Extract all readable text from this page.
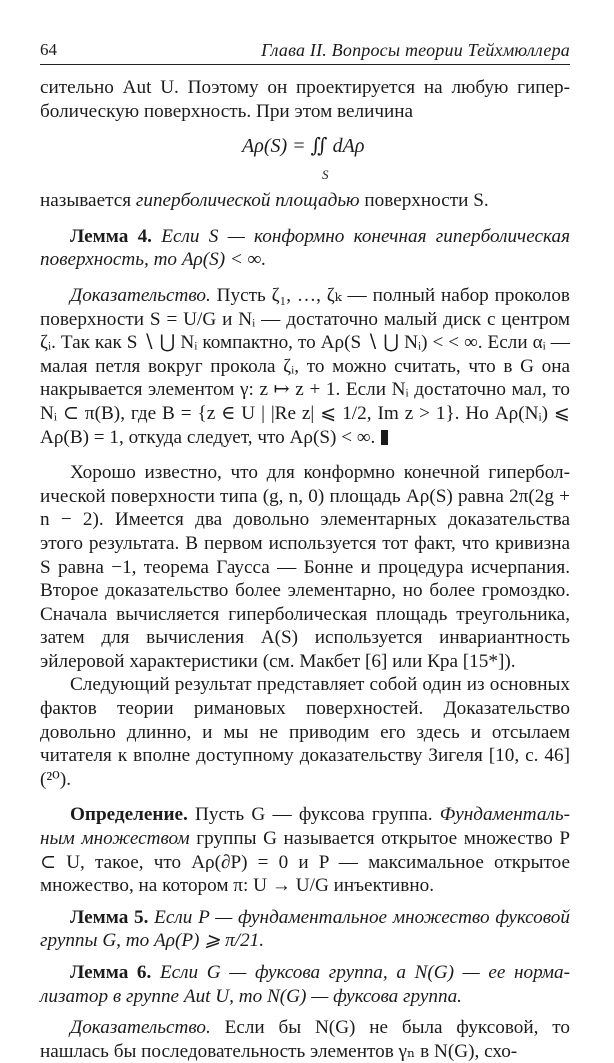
64	Глава II. Вопросы теории Тейхмюллера

сительно Aut U. Поэтому он проектируется на любую гиперболическую поверхность. При этом величина

Aρ(S) = ∬ dAρ
S

называется гиперболической площадью поверхности S.

Лемма 4. Если S — конформно конечная гиперболическая поверхность, то Aρ(S) < ∞.

Доказательство. Пусть ζ₁, …, ζₖ — полный набор проколов поверхности S = U/G и Nᵢ — достаточно малый диск с центром ζᵢ. Так как S ∖ ⋃ Nᵢ компактно, то Aρ(S ∖ ⋃ Nᵢ) < < ∞. Если αᵢ — малая петля вокруг прокола ζᵢ, то можно считать, что в G она накрывается элементом γ: z ↦ z + 1. Если Nᵢ достаточно мал, то Nᵢ ⊂ π(B), где B = {z ∈ U | |Re z| ⩽ 1/2, Im z > 1}. Но Aρ(Nᵢ) ⩽ Aρ(B) = 1, откуда следует, что Aρ(S) < ∞.

Хорошо известно, что для конформно конечной гиперболической поверхности типа (g, n, 0) площадь Aρ(S) равна 2π(2g + n − 2). Имеется два довольно элементарных доказательства этого результата. В первом используется тот факт, что кривизна S равна −1, теорема Гаусса — Бонне и процедура исчерпания. Второе доказательство более элементарно, но более громоздко. Сначала вычисляется гиперболическая площадь треугольника, затем для вычисления A(S) используется инвариантность эйлеровой характеристики (см. Макбет [6] или Кра [15*]).

Следующий результат представляет собой один из основных фактов теории римановых поверхностей. Доказательство довольно длинно, и мы не приводим его здесь и отсылаем читателя к вполне доступному доказательству Зигеля [10, с. 46] (²⁰).

Определение. Пусть G — фуксова группа. Фундаментальным множеством группы G называется открытое множество P ⊂ U, такое, что Aρ(∂P) = 0 и P — максимальное открытое множество, на котором π: U → U/G инъективно.

Лемма 5. Если P — фундаментальное множество фуксовой группы G, то Aρ(P) ⩾ π/21.

Лемма 6. Если G — фуксова группа, а N(G) — ее нормализатор в группе Aut U, то N(G) — фуксова группа.

Доказательство. Если бы N(G) не была фуксовой, то нашлась бы последовательность элементов γₙ в N(G), схо-
